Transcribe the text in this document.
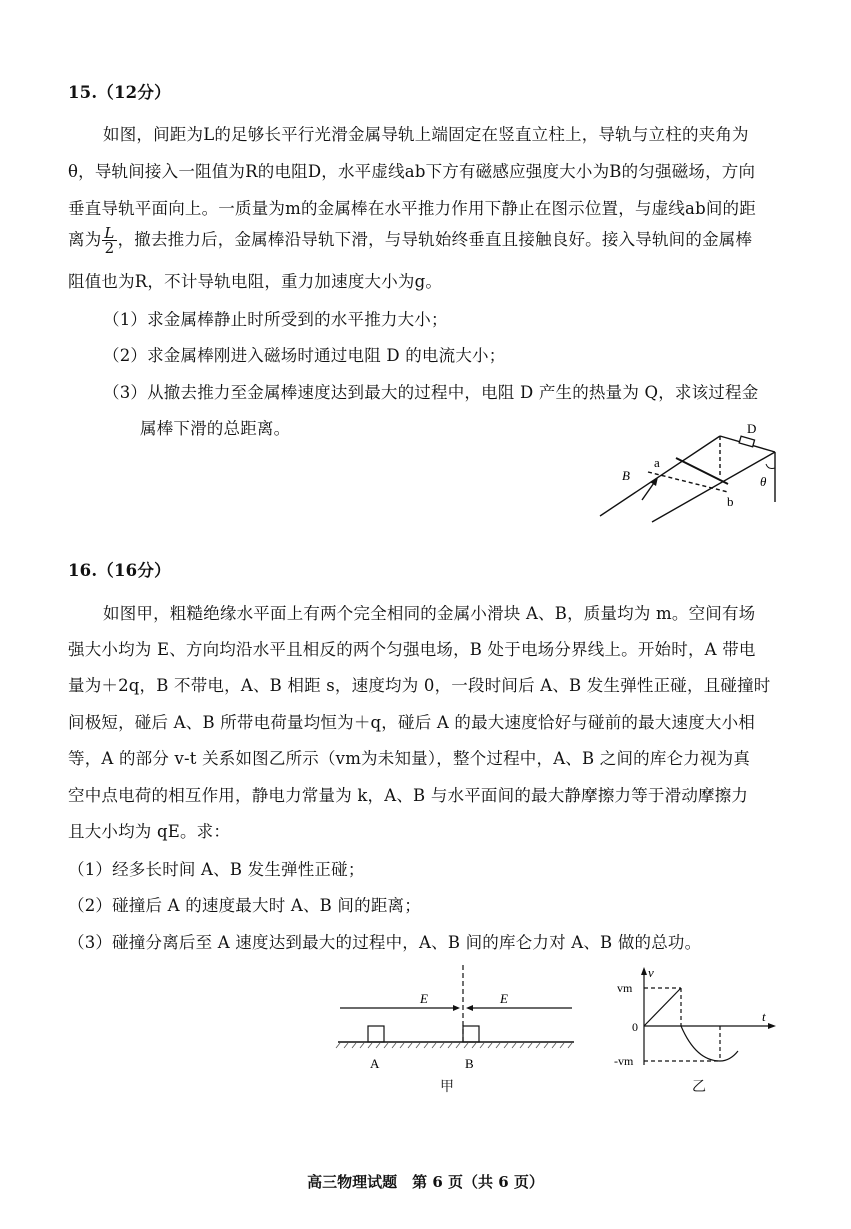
15.（12分）
如图，间距为L的足够长平行光滑金属导轨上端固定在竖直立柱上，导轨与立柱的夹角为
θ，导轨间接入一阻值为R的电阻D，水平虚线ab下方有磁感应强度大小为B的匀强磁场，方向
垂直导轨平面向上。一质量为m的金属棒在水平推力作用下静止在图示位置，与虚线ab间的距
离为 $\frac{L}{2}$ ，撤去推力后，金属棒沿导轨下滑，与导轨始终垂直且接触良好。接入导轨间的金属棒
阻值也为R，不计导轨电阻，重力加速度大小为g。
（1）求金属棒静止时所受到的水平推力大小；
（2）求金属棒刚进入磁场时通过电阻 D 的电流大小；
（3）从撤去推力至金属棒速度达到最大的过程中，电阻 D 产生的热量为 Q，求该过程金
属棒下滑的总距离。	D
a
b
B	θ
16.（16分）
如图甲，粗糙绝缘水平面上有两个完全相同的金属小滑块 A、B，质量均为 m。空间有场
强大小均为 E、方向均沿水平且相反的两个匀强电场，B 处于电场分界线上。开始时，A 带电
量为＋2q，B 不带电，A、B 相距 s，速度均为 0，一段时间后 A、B 发生弹性正碰，且碰撞时
间极短，碰后 A、B 所带电荷量均恒为＋q，碰后 A 的最大速度恰好与碰前的最大速度大小相
等，A 的部分 v-t 关系如图乙所示（vm为未知量），整个过程中，A、B 之间的库仑力视为真
空中点电荷的相互作用，静电力常量为 k，A、B 与水平面间的最大静摩擦力等于滑动摩擦力
且大小均为 qE。求：
（1）经多长时间 A、B 发生弹性正碰；
（2）碰撞后 A 的速度最大时 A、B 间的距离；
（3）碰撞分离后至 A 速度达到最大的过程中，A、B 间的库仑力对 A、B 做的总功。
E	E
A	B
甲
v
t
vm
0
-vm
乙
高三物理试题　第 6 页（共 6 页）
